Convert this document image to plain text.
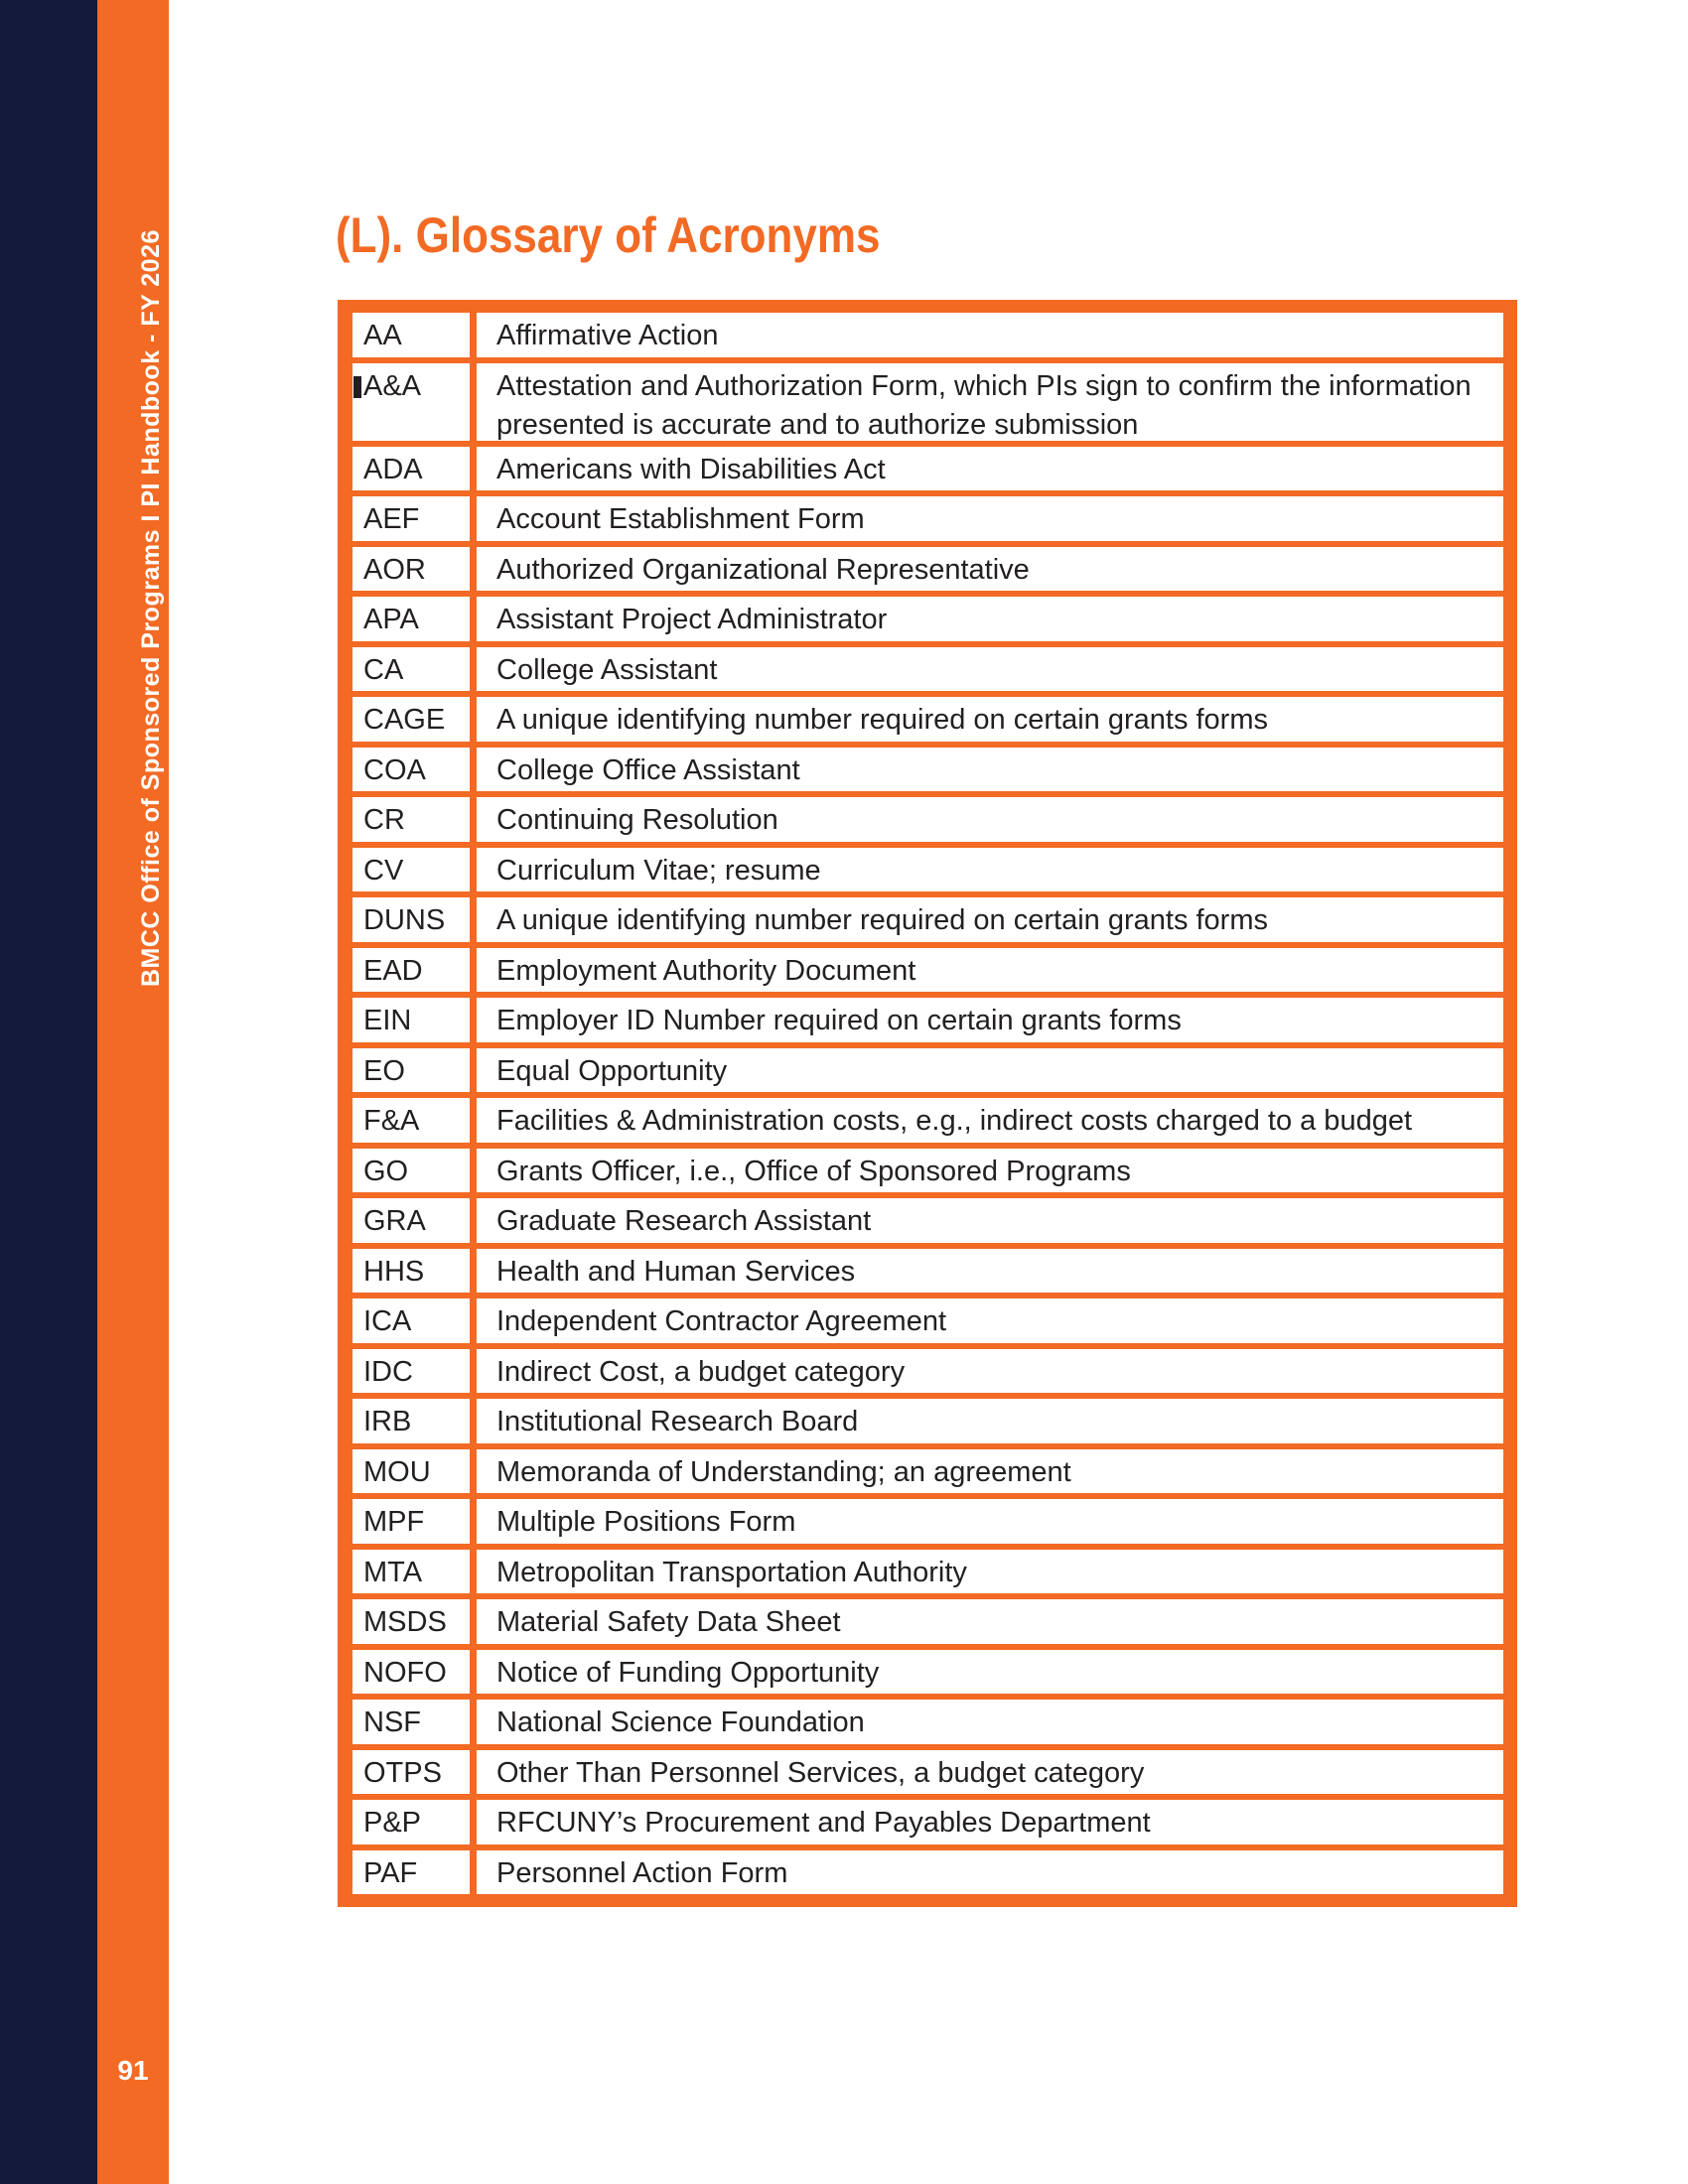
BMCC Office of Sponsored Programs I PI Handbook - FY 2026
91
(L). Glossary of Acronyms
AA	Affirmative Action
A&A	Attestation and Authorization Form, which PIs sign to confirm the information presented is accurate and to authorize submission
ADA	Americans with Disabilities Act
AEF	Account Establishment Form
AOR	Authorized Organizational Representative
APA	Assistant Project Administrator
CA	College Assistant
CAGE	A unique identifying number required on certain grants forms
COA	College Office Assistant
CR	Continuing Resolution
CV	Curriculum Vitae; resume
DUNS	A unique identifying number required on certain grants forms
EAD	Employment Authority Document
EIN	Employer ID Number required on certain grants forms
EO	Equal Opportunity
F&A	Facilities & Administration costs, e.g., indirect costs charged to a budget
GO	Grants Officer, i.e., Office of Sponsored Programs
GRA	Graduate Research Assistant
HHS	Health and Human Services
ICA	Independent Contractor Agreement
IDC	Indirect Cost, a budget category
IRB	Institutional Research Board
MOU	Memoranda of Understanding; an agreement
MPF	Multiple Positions Form
MTA	Metropolitan Transportation Authority
MSDS	Material Safety Data Sheet
NOFO	Notice of Funding Opportunity
NSF	National Science Foundation
OTPS	Other Than Personnel Services, a budget category
P&P	RFCUNY’s Procurement and Payables Department
PAF	Personnel Action Form
